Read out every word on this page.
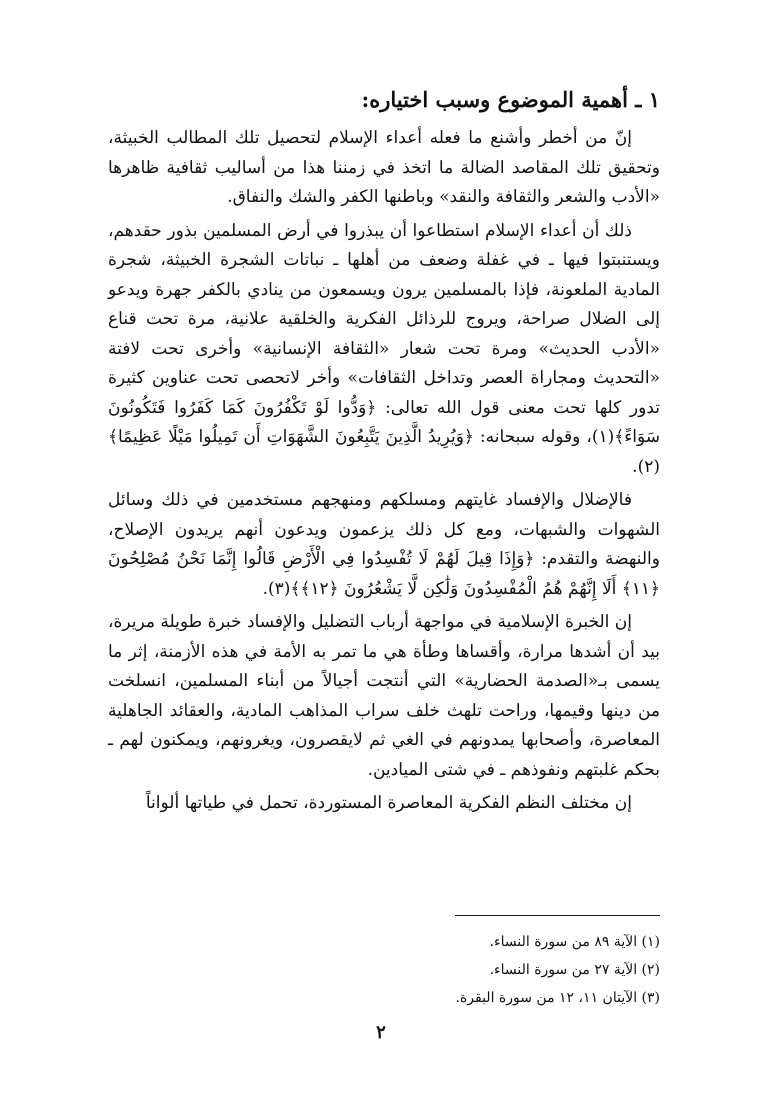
١ ـ أهمية الموضوع وسبب اختياره:

إنّ من أخطر وأشنع ما فعله أعداء الإسلام لتحصيل تلك المطالب الخبيثة، وتحقيق تلك المقاصد الضالة ما اتخذ في زمننا هذا من أساليب ثقافية ظاهرها «الأدب والشعر والثقافة والنقد» وباطنها الكفر والشك والنفاق.

ذلك أن أعداء الإسلام استطاعوا أن يبذروا في أرض المسلمين بذور حقدهم، ويستنبتوا فيها ـ في غفلة وضعف من أهلها ـ نباتات الشجرة الخبيثة، شجرة المادية الملعونة، فإذا بالمسلمين يرون ويسمعون من ينادي بالكفر جهرة ويدعو إلى الضلال صراحة، ويروج للرذائل الفكرية والخلقية علانية، مرة تحت قناع «الأدب الحديث» ومرة تحت شعار «الثقافة الإنسانية» وأخرى تحت لافتة «التحديث ومجاراة العصر وتداخل الثقافات» وأخر لاتحصى تحت عناوين كثيرة تدور كلها تحت معنى قول الله تعالى: ﴿وَدُّوا لَوْ تَكْفُرُونَ كَمَا كَفَرُوا فَتَكُونُونَ سَوَاءً﴾(١)، وقوله سبحانه: ﴿وَيُرِيدُ الَّذِينَ يَتَّبِعُونَ الشَّهَوَاتِ أَن تَمِيلُوا مَيْلًا عَظِيمًا﴾(٢).

فالإضلال والإفساد غايتهم ومسلكهم ومنهجهم مستخدمين في ذلك وسائل الشهوات والشبهات، ومع كل ذلك يزعمون ويدعون أنهم يريدون الإصلاح، والنهضة والتقدم: ﴿وَإِذَا قِيلَ لَهُمْ لَا تُفْسِدُوا فِي الْأَرْضِ قَالُوا إِنَّمَا نَحْنُ مُصْلِحُونَ ﴿١١﴾ أَلَا إِنَّهُمْ هُمُ الْمُفْسِدُونَ وَلَٰكِن لَّا يَشْعُرُونَ ﴿١٢﴾﴾(٣).

إن الخبرة الإسلامية في مواجهة أرباب التضليل والإفساد خبرة طويلة مريرة، بيد أن أشدها مرارة، وأقساها وطأة هي ما تمر به الأمة في هذه الأزمنة، إثر ما يسمى بـ«الصدمة الحضارية» التي أنتجت أجيالاً من أبناء المسلمين، انسلخت من دينها وقيمها، وراحت تلهث خلف سراب المذاهب المادية، والعقائد الجاهلية المعاصرة، وأصحابها يمدونهم في الغي ثم لايقصرون، ويغرونهم، ويمكنون لهم ـ بحكم غلبتهم ونفوذهم ـ في شتى الميادين.

إن مختلف النظم الفكرية المعاصرة المستوردة، تحمل في طياتها ألواناً

(١) الآية ٨٩ من سورة النساء.

(٢) الآية ٢٧ من سورة النساء.

(٣) الآيتان ١١، ١٢ من سورة البقرة.

٢
